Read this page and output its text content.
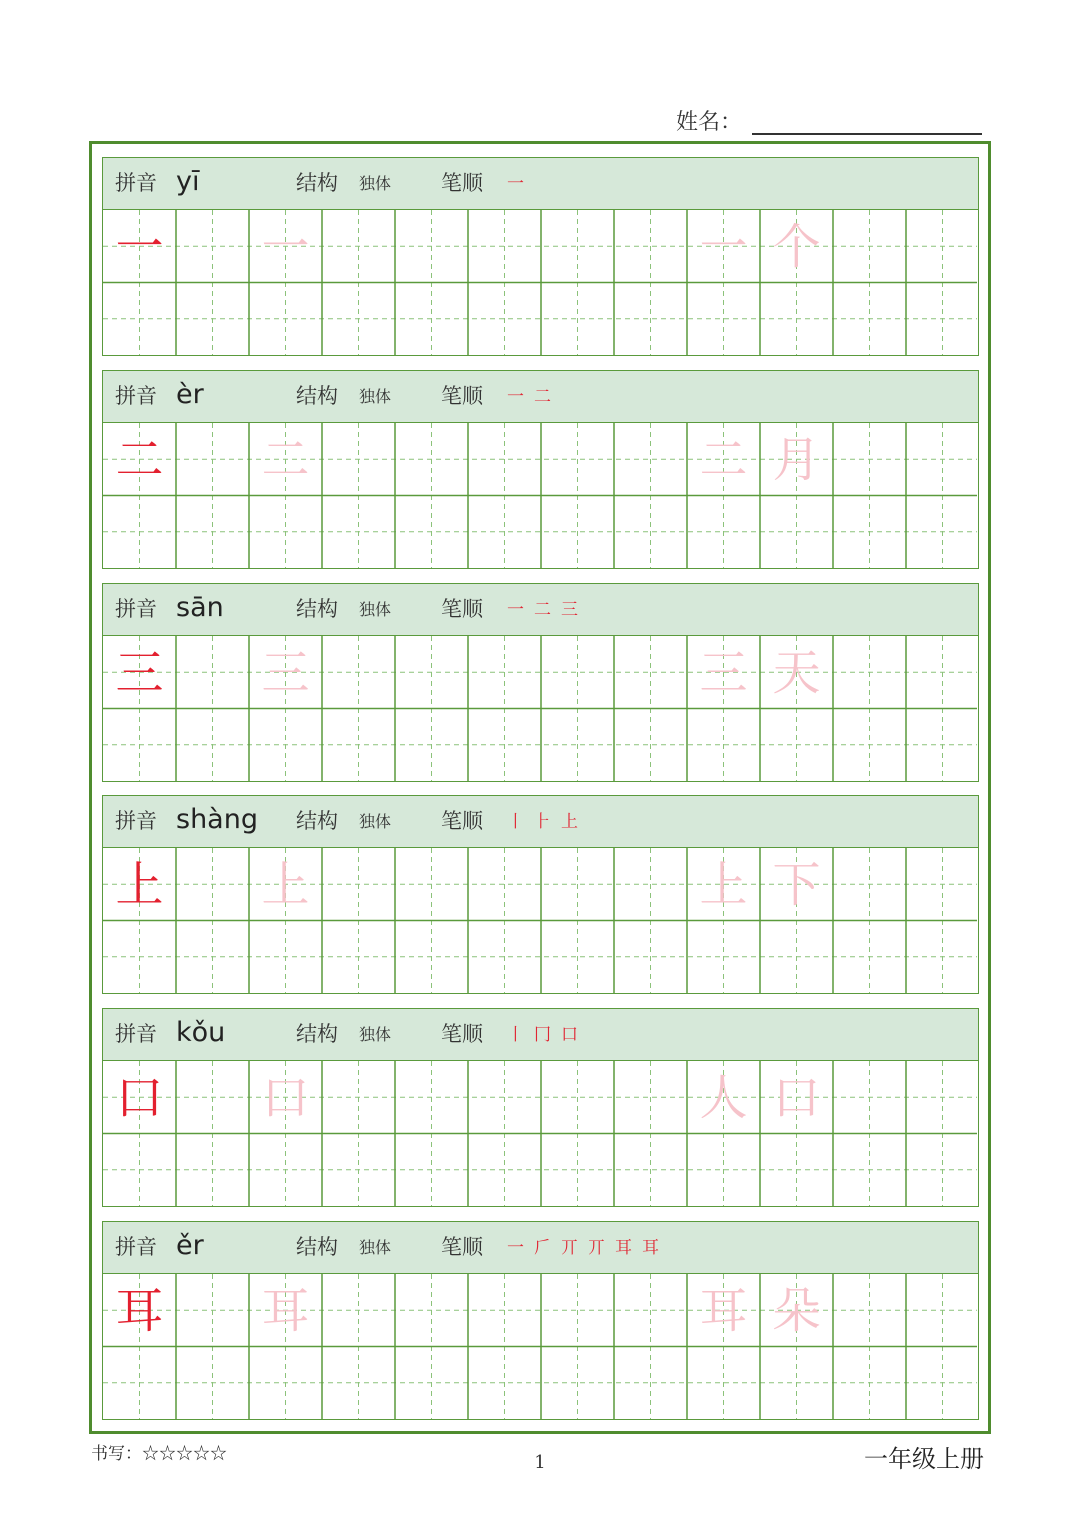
姓名：
拼音 yī	结构 独体 笔顺 一
一 一	一 个
拼音 èr	结构 独体 笔顺 一 二
二 二	二 月
拼音 sān	结构 独体 笔顺 一 二 三
三 三	三 天
拼音 shàng 结构 独体 笔顺 丨 ⺊ 上
上 上	上 下
拼音 kǒu	结构 独体 笔顺 丨 冂 口
口 口	人 口
拼音 ěr	结构 独体 笔顺 一 𠂆 丌 丌 耳 耳
耳 耳	耳 朵
书写：☆☆☆☆☆	1	一年级上册
